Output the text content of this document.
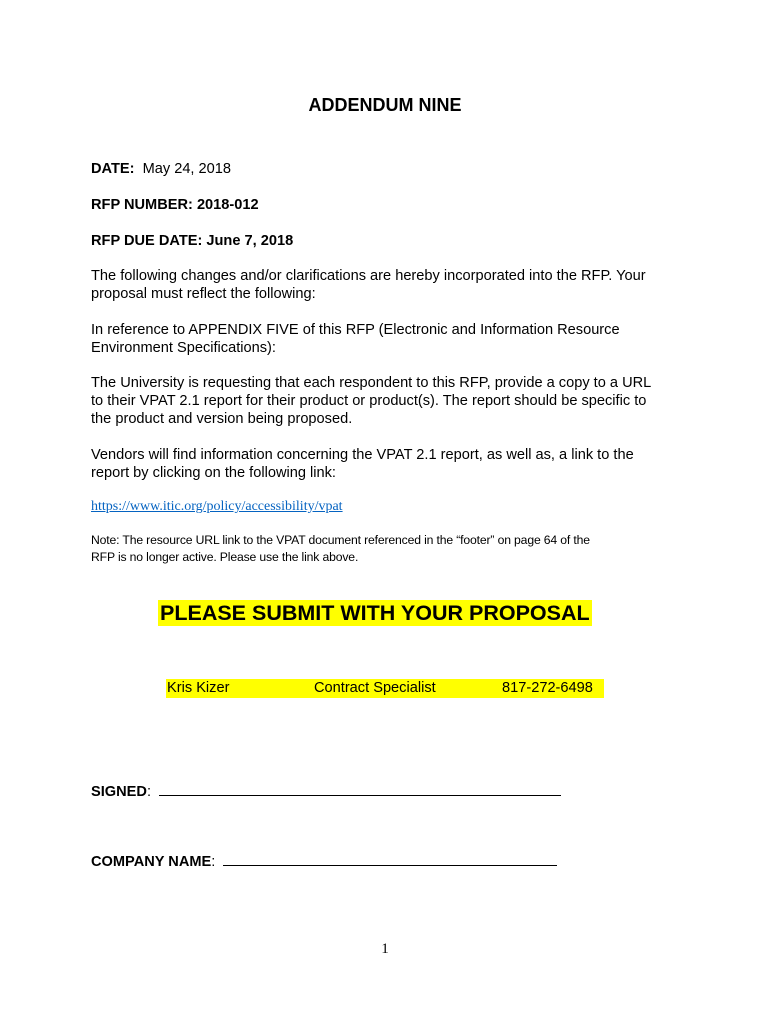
ADDENDUM NINE
DATE: May 24, 2018
RFP NUMBER: 2018-012
RFP DUE DATE: June 7, 2018
The following changes and/or clarifications are hereby incorporated into the RFP. Your
proposal must reflect the following:
In reference to APPENDIX FIVE of this RFP (Electronic and Information Resource
Environment Specifications):
The University is requesting that each respondent to this RFP, provide a copy to a URL
to their VPAT 2.1 report for their product or product(s). The report should be specific to
the product and version being proposed.
Vendors will find information concerning the VPAT 2.1 report, as well as, a link to the
report by clicking on the following link:
https://www.itic.org/policy/accessibility/vpat
Note: The resource URL link to the VPAT document referenced in the “footer” on page 64 of the
RFP is no longer active. Please use the link above.
PLEASE SUBMIT WITH YOUR PROPOSAL
Kris Kizer	Contract Specialist	817-272-6498
SIGNED:
COMPANY NAME:
1
